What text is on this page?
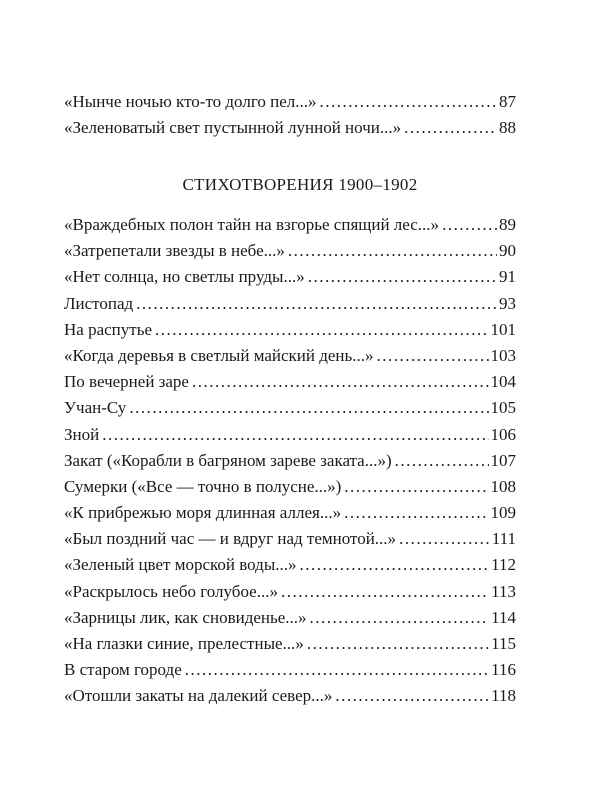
«Нынче ночью кто-то долго пел...» .....	87
«Зеленоватый свет пустынной лунной ночи...» .....	88
СТИХОТВОРЕНИЯ 1900–1902
«Враждебных полон тайн на взгорье спящий лес...» .....	89
«Затрепетали звезды в небе...» .....	90
«Нет солнца, но светлы пруды...» .....	91
Листопад .....	93
На распутье .....	101
«Когда деревья в светлый майский день...» .....	103
По вечерней заре .....	104
Учан-Су .....	105
Зной .....	106
Закат («Корабли в багряном зареве заката...») .....	107
Сумерки («Все — точно в полусне...») .....	108
«К прибрежью моря длинная аллея...» .....	109
«Был поздний час — и вдруг над темнотой...» .....	111
«Зеленый цвет морской воды...» .....	112
«Раскрылось небо голубое...» .....	113
«Зарницы лик, как сновиденье...» .....	114
«На глазки синие, прелестные...» .....	115
В старом городе .....	116
«Отошли закаты на далекий север...» .....	118
